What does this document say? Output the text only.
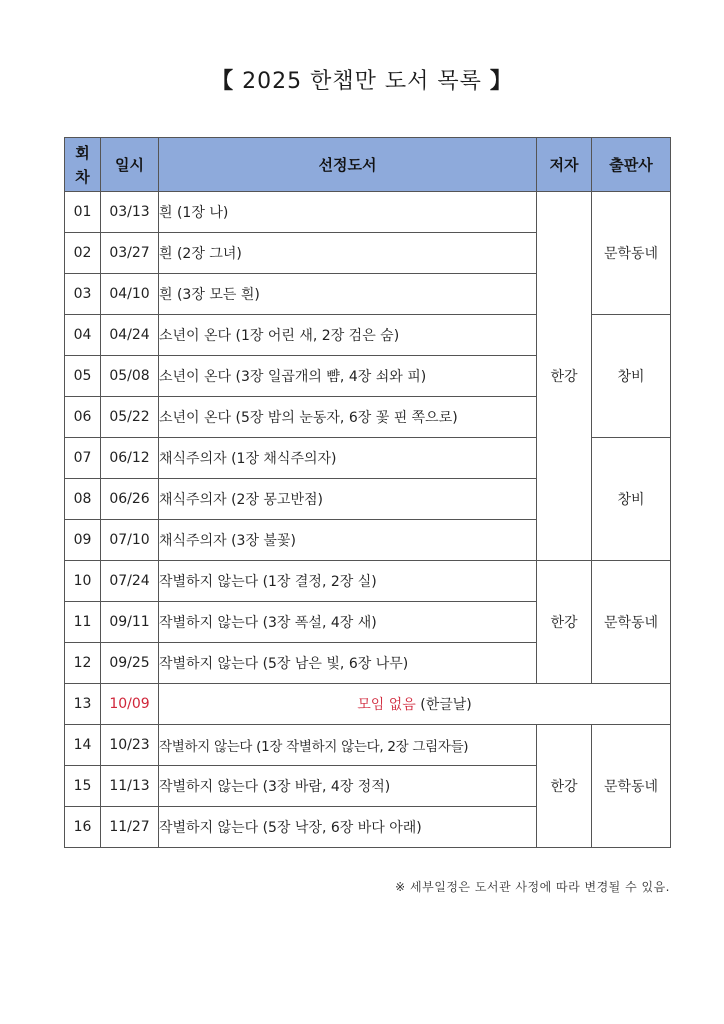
【 2025 한챕만 도서 목록 】
회
차	일시	선정도서	저자	출판사
01	03/13	흰 (1장 나)	한강	문학동네
02	03/27	흰 (2장 그녀)		
03	04/10	흰 (3장 모든 흰)		
04	04/24	소년이 온다 (1장 어린 새, 2장 검은 숨)		창비
05	05/08	소년이 온다 (3장 일곱개의 뺨, 4장 쇠와 피)		
06	05/22	소년이 온다 (5장 밤의 눈동자, 6장 꽃 핀 쪽으로)		
07	06/12	채식주의자 (1장 채식주의자)		창비
08	06/26	채식주의자 (2장 몽고반점)		
09	07/10	채식주의자 (3장 불꽃)		
10	07/24	작별하지 않는다 (1장 결정, 2장 실)	한강	문학동네
11	09/11	작별하지 않는다 (3장 폭설, 4장 새)		
12	09/25	작별하지 않는다 (5장 남은 빛, 6장 나무)		
13	10/09	모임 없음 (한글날)		
14	10/23	작별하지 않는다 (1장 작별하지 않는다, 2장 그림자들)	한강	문학동네
15	11/13	작별하지 않는다 (3장 바람, 4장 정적)		
16	11/27	작별하지 않는다 (5장 낙장, 6장 바다 아래)		
※ 세부일정은 도서관 사정에 따라 변경될 수 있음.
